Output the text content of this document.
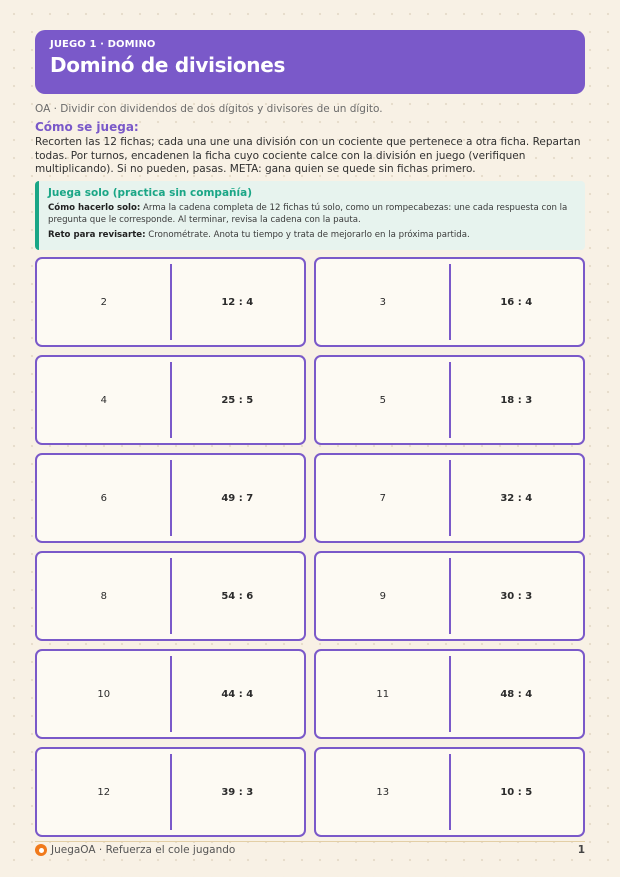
JUEGO 1 · DOMINO
Dominó de divisiones
OA · Dividir con dividendos de dos dígitos y divisores de un dígito.
Cómo se juega:
Recorten las 12 fichas; cada una une una división con un cociente que pertenece a otra ficha. Repartan todas. Por turnos, encadenen la ficha cuyo cociente calce con la división en juego (verifiquen multiplicando). Si no pueden, pasas. META: gana quien se quede sin fichas primero.
Juega solo (practica sin compañía)

Cómo hacerlo solo: Arma la cadena completa de 12 fichas tú solo, como un rompecabezas: une cada respuesta con la pregunta que le corresponde. Al terminar, revisa la cadena con la pauta.

Reto para revisarte: Cronométrate. Anota tu tiempo y trata de mejorarlo en la próxima partida.

2	12 : 4	3	16 : 4
4	25 : 5	5	18 : 3
6	49 : 7	7	32 : 4
8	54 : 6	9	30 : 3
10	44 : 4	11	48 : 4
12	39 : 3	13	10 : 5
JuegaOA · Refuerza el cole jugando	1
